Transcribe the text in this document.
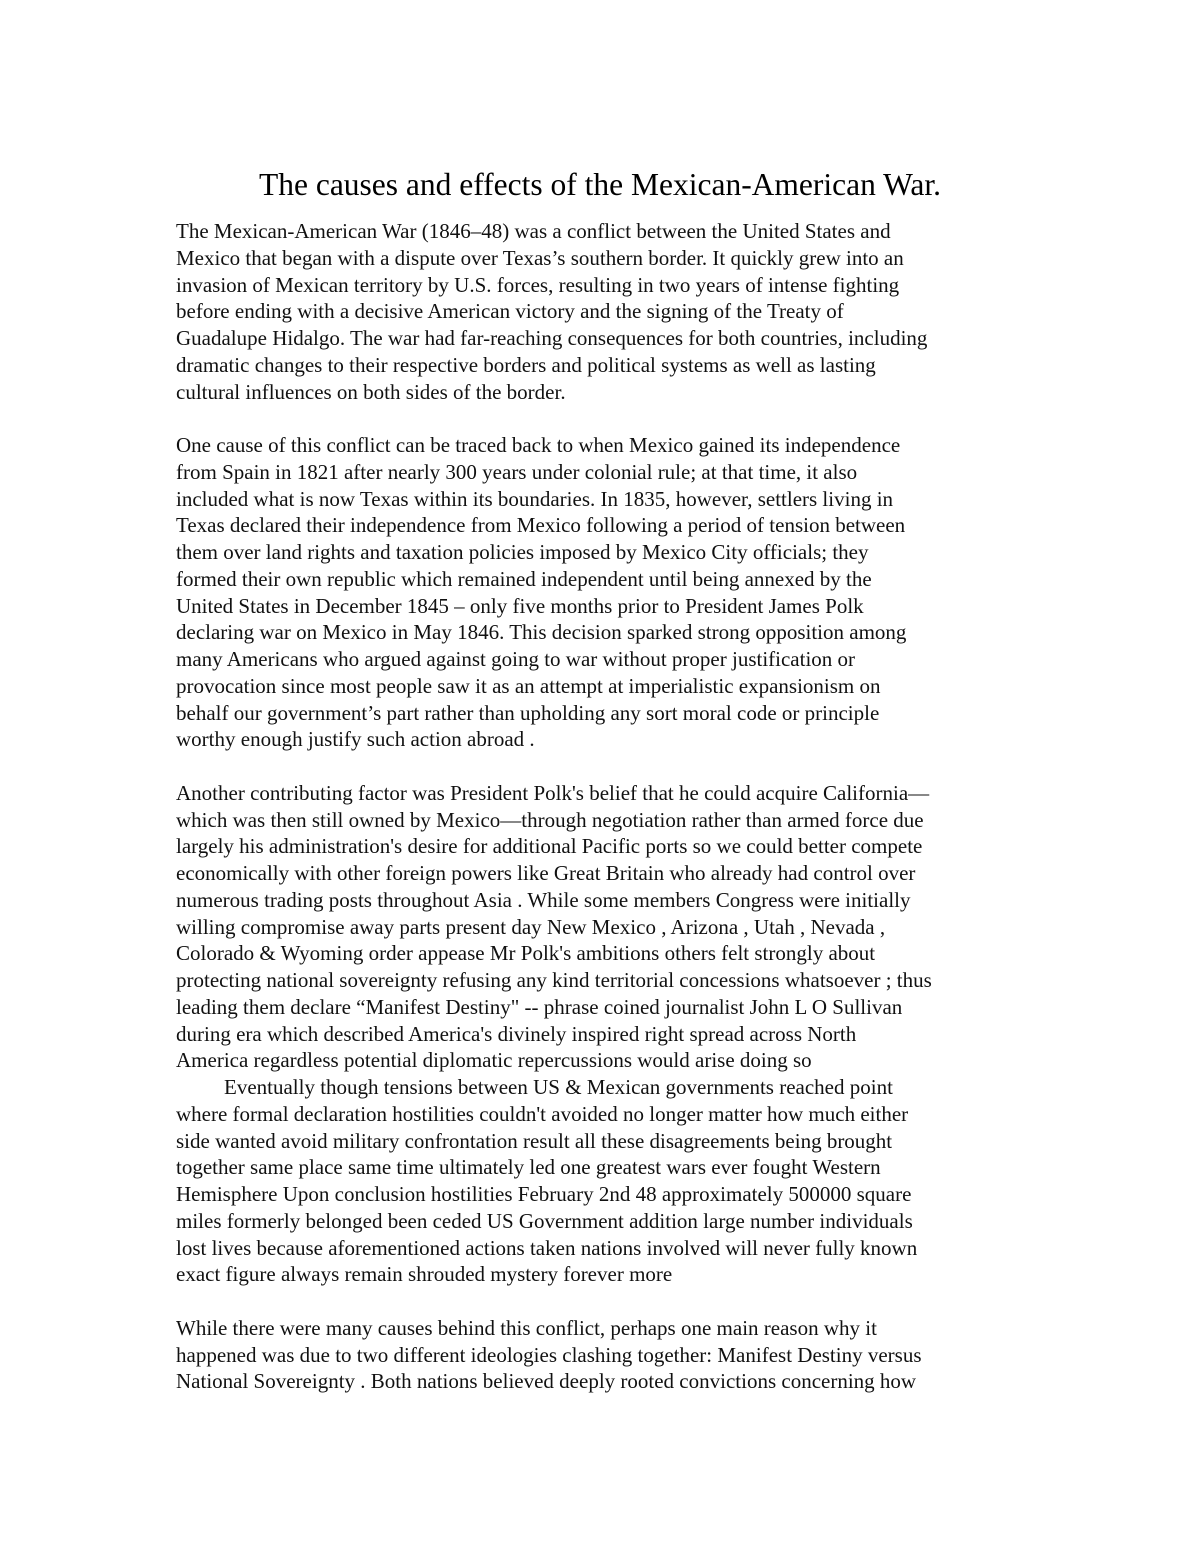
The causes and effects of the Mexican-American War.

The Mexican-American War (1846–48) was a conflict between the United States and
Mexico that began with a dispute over Texas’s southern border. It quickly grew into an
invasion of Mexican territory by U.S. forces, resulting in two years of intense fighting
before ending with a decisive American victory and the signing of the Treaty of
Guadalupe Hidalgo. The war had far-reaching consequences for both countries, including
dramatic changes to their respective borders and political systems as well as lasting
cultural influences on both sides of the border.

One cause of this conflict can be traced back to when Mexico gained its independence
from Spain in 1821 after nearly 300 years under colonial rule; at that time, it also
included what is now Texas within its boundaries. In 1835, however, settlers living in
Texas declared their independence from Mexico following a period of tension between
them over land rights and taxation policies imposed by Mexico City officials; they
formed their own republic which remained independent until being annexed by the
United States in December 1845 – only five months prior to President James Polk
declaring war on Mexico in May 1846. This decision sparked strong opposition among
many Americans who argued against going to war without proper justification or
provocation since most people saw it as an attempt at imperialistic expansionism on
behalf our government’s part rather than upholding any sort moral code or principle
worthy enough justify such action abroad .

Another contributing factor was President Polk's belief that he could acquire California—
which was then still owned by Mexico—through negotiation rather than armed force due
largely his administration's desire for additional Pacific ports so we could better compete
economically with other foreign powers like Great Britain who already had control over
numerous trading posts throughout Asia . While some members Congress were initially
willing compromise away parts present day New Mexico , Arizona , Utah , Nevada ,
Colorado & Wyoming order appease Mr Polk's ambitions others felt strongly about
protecting national sovereignty refusing any kind territorial concessions whatsoever ; thus
leading them declare “Manifest Destiny" -- phrase coined journalist John L O Sullivan
during era which described America's divinely inspired right spread across North
America regardless potential diplomatic repercussions would arise doing so

Eventually though tensions between US & Mexican governments reached point
where formal declaration hostilities couldn't avoided no longer matter how much either
side wanted avoid military confrontation result all these disagreements being brought
together same place same time ultimately led one greatest wars ever fought Western
Hemisphere Upon conclusion hostilities February 2nd 48 approximately 500000 square
miles formerly belonged been ceded US Government addition large number individuals
lost lives because aforementioned actions taken nations involved will never fully known
exact figure always remain shrouded mystery forever more

While there were many causes behind this conflict, perhaps one main reason why it
happened was due to two different ideologies clashing together: Manifest Destiny versus
National Sovereignty . Both nations believed deeply rooted convictions concerning how
